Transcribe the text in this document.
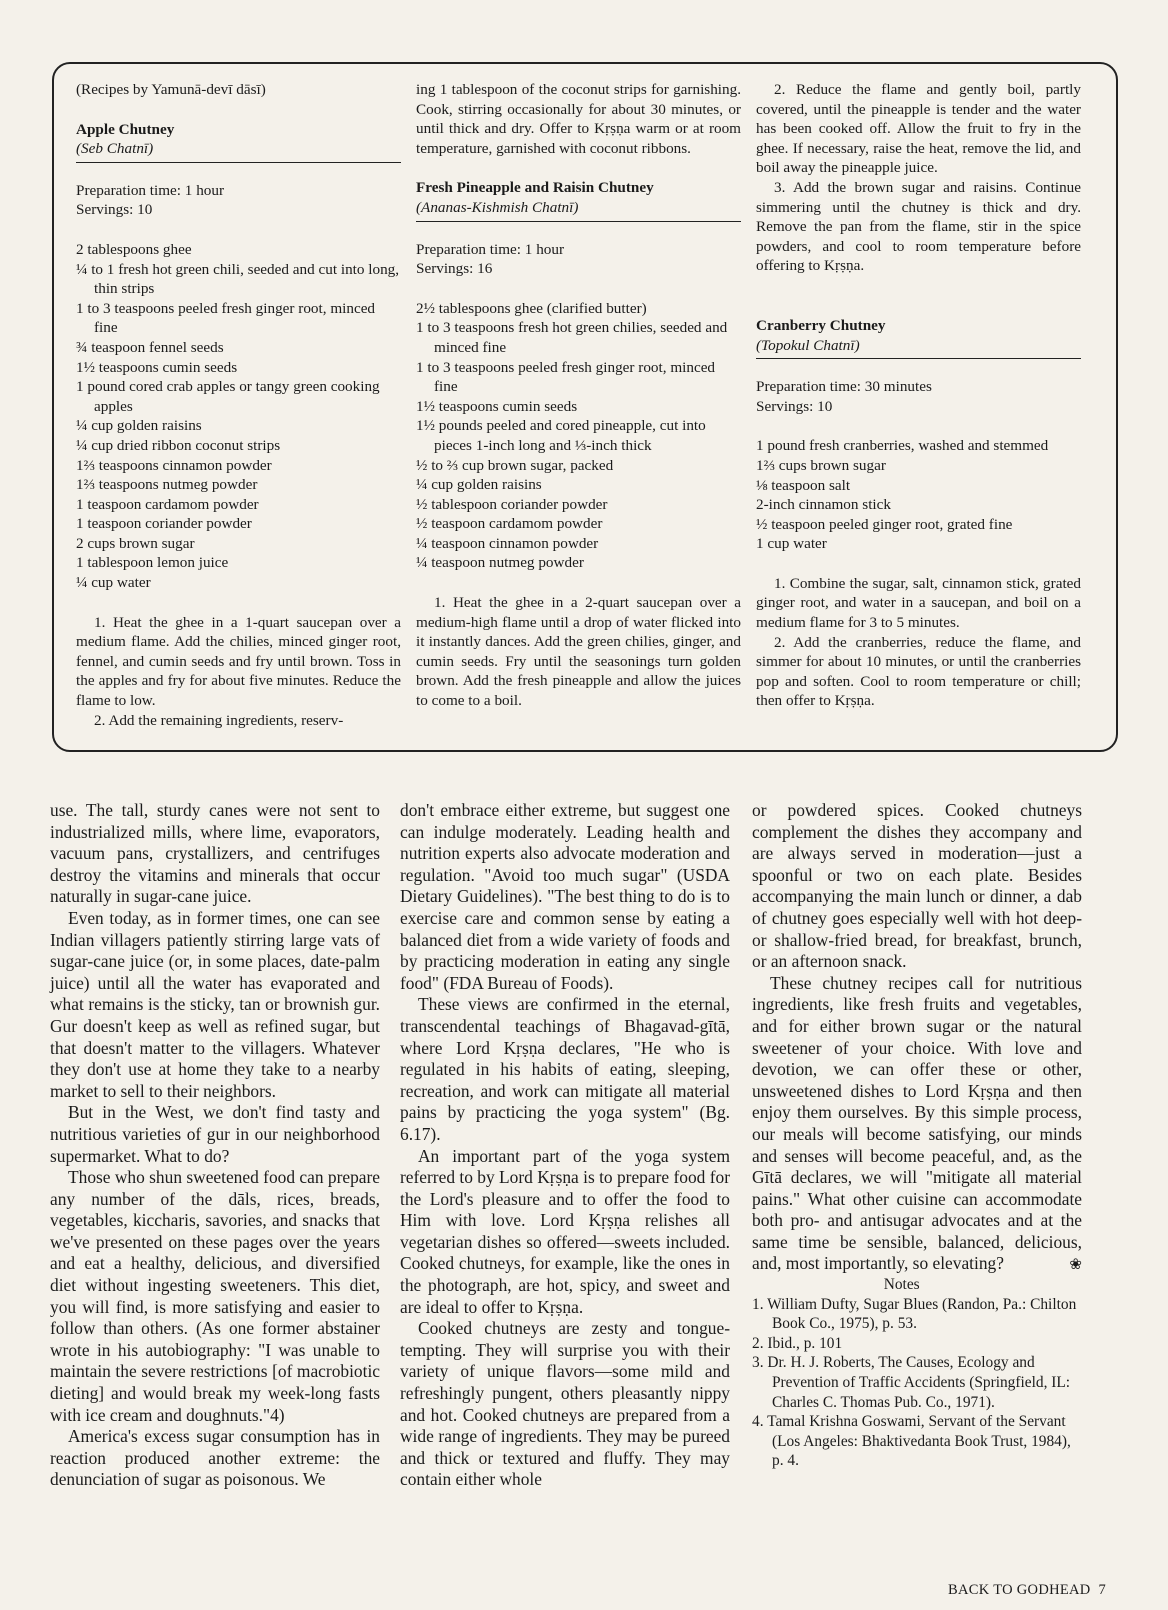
(Recipes by Yamunā-devī dāsī)

Apple Chutney

(Seb Chatnī)

Preparation time: 1 hour

Servings: 10

2 tablespoons ghee

¼ to 1 fresh hot green chili, seeded and cut into long, thin strips

1 to 3 teaspoons peeled fresh ginger root, minced fine

¾ teaspoon fennel seeds

1½ teaspoons cumin seeds

1 pound cored crab apples or tangy green cooking apples

¼ cup golden raisins

¼ cup dried ribbon coconut strips

1⅔ teaspoons cinnamon powder

1⅔ teaspoons nutmeg powder

1 teaspoon cardamom powder

1 teaspoon coriander powder

2 cups brown sugar

1 tablespoon lemon juice

¼ cup water

1. Heat the ghee in a 1-quart saucepan over a medium flame. Add the chilies, minced ginger root, fennel, and cumin seeds and fry until brown. Toss in the apples and fry for about five minutes. Reduce the flame to low.

2. Add the remaining ingredients, reserv-

ing 1 tablespoon of the coconut strips for garnishing. Cook, stirring occasionally for about 30 minutes, or until thick and dry. Offer to Kṛṣṇa warm or at room temperature, garnished with coconut ribbons.

Fresh Pineapple and Raisin Chutney

(Ananas-Kishmish Chatnī)

Preparation time: 1 hour

Servings: 16

2½ tablespoons ghee (clarified butter)

1 to 3 teaspoons fresh hot green chilies, seeded and minced fine

1 to 3 teaspoons peeled fresh ginger root, minced fine

1½ teaspoons cumin seeds

1½ pounds peeled and cored pineapple, cut into pieces 1-inch long and ⅓-inch thick

½ to ⅔ cup brown sugar, packed

¼ cup golden raisins

½ tablespoon coriander powder

½ teaspoon cardamom powder

¼ teaspoon cinnamon powder

¼ teaspoon nutmeg powder

1. Heat the ghee in a 2-quart saucepan over a medium-high flame until a drop of water flicked into it instantly dances. Add the green chilies, ginger, and cumin seeds. Fry until the seasonings turn golden brown. Add the fresh pineapple and allow the juices to come to a boil.

2. Reduce the flame and gently boil, partly covered, until the pineapple is tender and the water has been cooked off. Allow the fruit to fry in the ghee. If necessary, raise the heat, remove the lid, and boil away the pineapple juice.

3. Add the brown sugar and raisins. Continue simmering until the chutney is thick and dry. Remove the pan from the flame, stir in the spice powders, and cool to room temperature before offering to Kṛṣṇa.

Cranberry Chutney

(Topokul Chatnī)

Preparation time: 30 minutes

Servings: 10

1 pound fresh cranberries, washed and stemmed

1⅔ cups brown sugar

⅛ teaspoon salt

2-inch cinnamon stick

½ teaspoon peeled ginger root, grated fine

1 cup water

1. Combine the sugar, salt, cinnamon stick, grated ginger root, and water in a saucepan, and boil on a medium flame for 3 to 5 minutes.

2. Add the cranberries, reduce the flame, and simmer for about 10 minutes, or until the cranberries pop and soften. Cool to room temperature or chill; then offer to Kṛṣṇa.

use. The tall, sturdy canes were not sent to industrialized mills, where lime, evaporators, vacuum pans, crystallizers, and centrifuges destroy the vitamins and minerals that occur naturally in sugar-cane juice.

Even today, as in former times, one can see Indian villagers patiently stirring large vats of sugar-cane juice (or, in some places, date-palm juice) until all the water has evaporated and what remains is the sticky, tan or brownish gur. Gur doesn't keep as well as refined sugar, but that doesn't matter to the villagers. Whatever they don't use at home they take to a nearby market to sell to their neighbors.

But in the West, we don't find tasty and nutritious varieties of gur in our neighborhood supermarket. What to do?

Those who shun sweetened food can prepare any number of the dāls, rices, breads, vegetables, kiccharis, savories, and snacks that we've presented on these pages over the years and eat a healthy, delicious, and diversified diet without ingesting sweeteners. This diet, you will find, is more satisfying and easier to follow than others. (As one former abstainer wrote in his autobiography: "I was unable to maintain the severe restrictions [of macrobiotic dieting] and would break my week-long fasts with ice cream and doughnuts."4)

America's excess sugar consumption has in reaction produced another extreme: the denunciation of sugar as poisonous. We

don't embrace either extreme, but suggest one can indulge moderately. Leading health and nutrition experts also advocate moderation and regulation. "Avoid too much sugar" (USDA Dietary Guidelines). "The best thing to do is to exercise care and common sense by eating a balanced diet from a wide variety of foods and by practicing moderation in eating any single food" (FDA Bureau of Foods).

These views are confirmed in the eternal, transcendental teachings of Bhagavad-gītā, where Lord Kṛṣṇa declares, "He who is regulated in his habits of eating, sleeping, recreation, and work can mitigate all material pains by practicing the yoga system" (Bg. 6.17).

An important part of the yoga system referred to by Lord Kṛṣṇa is to prepare food for the Lord's pleasure and to offer the food to Him with love. Lord Kṛṣṇa relishes all vegetarian dishes so offered—sweets included. Cooked chutneys, for example, like the ones in the photograph, are hot, spicy, and sweet and are ideal to offer to Kṛṣṇa.

Cooked chutneys are zesty and tongue-tempting. They will surprise you with their variety of unique flavors—some mild and refreshingly pungent, others pleasantly nippy and hot. Cooked chutneys are prepared from a wide range of ingredients. They may be pureed and thick or textured and fluffy. They may contain either whole

or powdered spices. Cooked chutneys complement the dishes they accompany and are always served in moderation—just a spoonful or two on each plate. Besides accompanying the main lunch or dinner, a dab of chutney goes especially well with hot deep- or shallow-fried bread, for breakfast, brunch, or an afternoon snack.

These chutney recipes call for nutritious ingredients, like fresh fruits and vegetables, and for either brown sugar or the natural sweetener of your choice. With love and devotion, we can offer these or other, unsweetened dishes to Lord Kṛṣṇa and then enjoy them ourselves. By this simple process, our meals will become satisfying, our minds and senses will become peaceful, and, as the Gītā declares, we will "mitigate all material pains." What other cuisine can accommodate both pro- and antisugar advocates and at the same time be sensible, balanced, delicious, and, most importantly, so elevating?	❀

Notes

1. William Dufty, Sugar Blues (Randon, Pa.: Chilton Book Co., 1975), p. 53.

2. Ibid., p. 101

3. Dr. H. J. Roberts, The Causes, Ecology and Prevention of Traffic Accidents (Springfield, IL: Charles C. Thomas Pub. Co., 1971).

4. Tamal Krishna Goswami, Servant of the Servant (Los Angeles: Bhaktivedanta Book Trust, 1984), p. 4.

BACK TO GODHEAD 7
